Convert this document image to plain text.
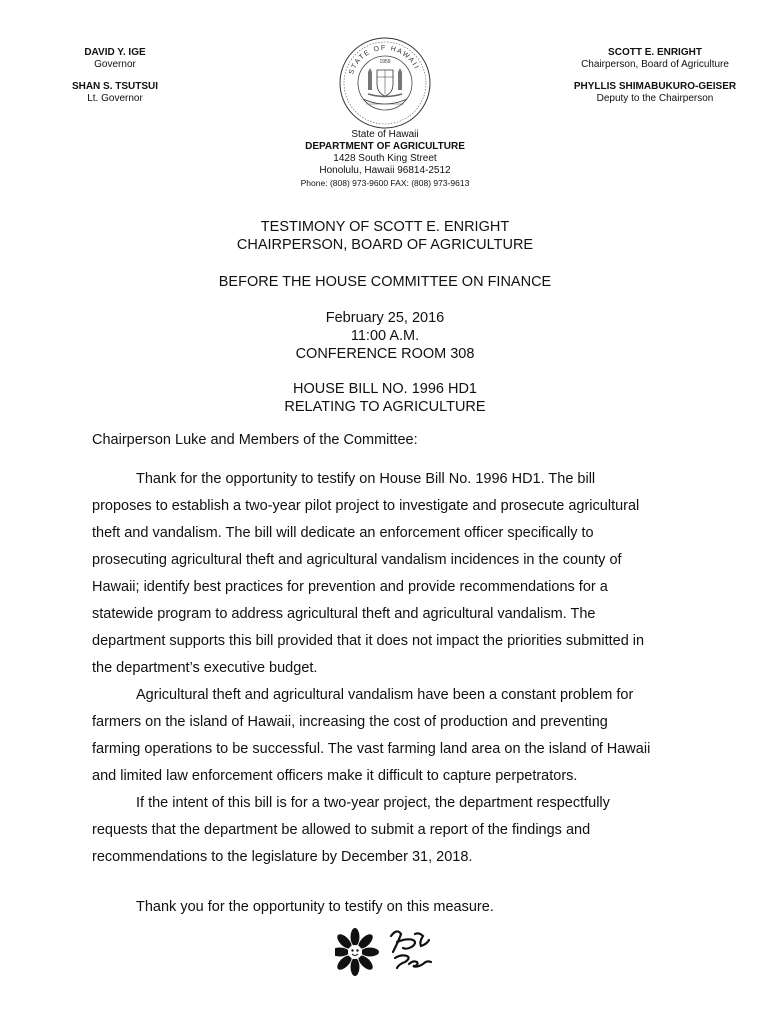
DAVID Y. IGE
Governor
SHAN S. TSUTSUI
Lt. Governor
STATE OF HAWAII
1959
SCOTT E. ENRIGHT
Chairperson, Board of Agriculture
PHYLLIS SHIMABUKURO-GEISER
Deputy to the Chairperson
State of Hawaii
DEPARTMENT OF AGRICULTURE
1428 South King Street
Honolulu, Hawaii 96814-2512
Phone: (808) 973-9600 FAX: (808) 973-9613
TESTIMONY OF SCOTT E. ENRIGHT
CHAIRPERSON, BOARD OF AGRICULTURE
BEFORE THE HOUSE COMMITTEE ON FINANCE
February 25, 2016
11:00 A.M.
CONFERENCE ROOM 308
HOUSE BILL NO. 1996 HD1
RELATING TO AGRICULTURE
Chairperson Luke and Members of the Committee:

Thank for the opportunity to testify on House Bill No. 1996 HD1. The bill proposes to establish a two-year pilot project to investigate and prosecute agricultural theft and vandalism. The bill will dedicate an enforcement officer specifically to prosecuting agricultural theft and agricultural vandalism incidences in the county of Hawaii; identify best practices for prevention and provide recommendations for a statewide program to address agricultural theft and agricultural vandalism. The department supports this bill provided that it does not impact the priorities submitted in the department’s executive budget.

Agricultural theft and agricultural vandalism have been a constant problem for farmers on the island of Hawaii, increasing the cost of production and preventing farming operations to be successful. The vast farming land area on the island of Hawaii and limited law enforcement officers make it difficult to capture perpetrators.

If the intent of this bill is for a two-year project, the department respectfully requests that the department be allowed to submit a report of the findings and recommendations to the legislature by December 31, 2018.

Thank you for the opportunity to testify on this measure.
